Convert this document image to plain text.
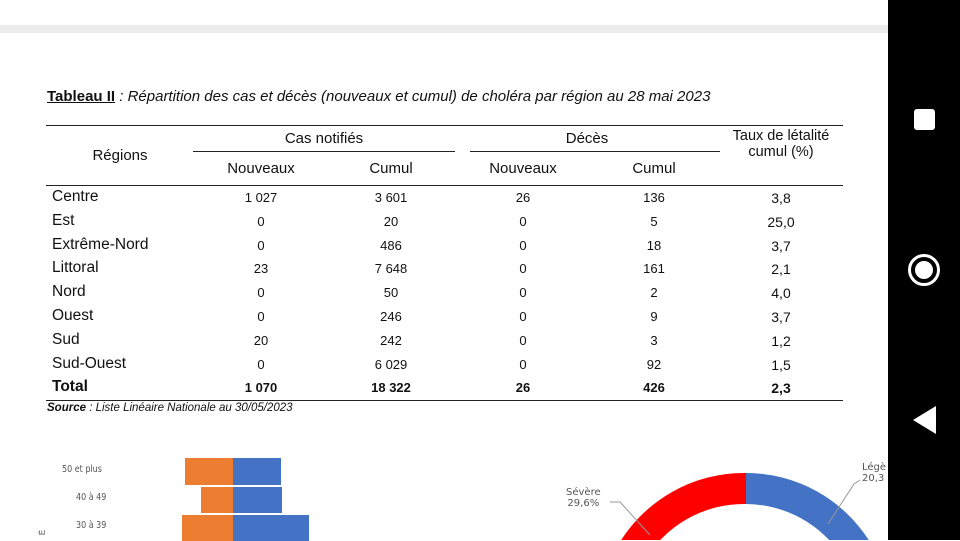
Tableau II : Répartition des cas et décès (nouveaux et cumul) de choléra par région au 28 mai 2023
Régions
Cas notifiés	Décès
Nouveaux	Cumul	Nouveaux	Cumul
Taux de létalité cumul (%)
Centre	1 027	3 601	26	136	3,8
Est	0	20	0	5	25,0
Extrême-Nord	0	486	0	18	3,7
Littoral	23	7 648	0	161	2,1
Nord	0	50	0	2	4,0
Ouest	0	246	0	9	3,7
Sud	20	242	0	3	1,2
Sud-Ouest	0	6 029	0	92	1,5
Total	1 070	18 322	26	426	2,3
Source : Liste Linéaire Nationale au 30/05/2023
50 et plus
40 à 49
30 à 39
É
Sévère
29,6%
Légè
20,3
